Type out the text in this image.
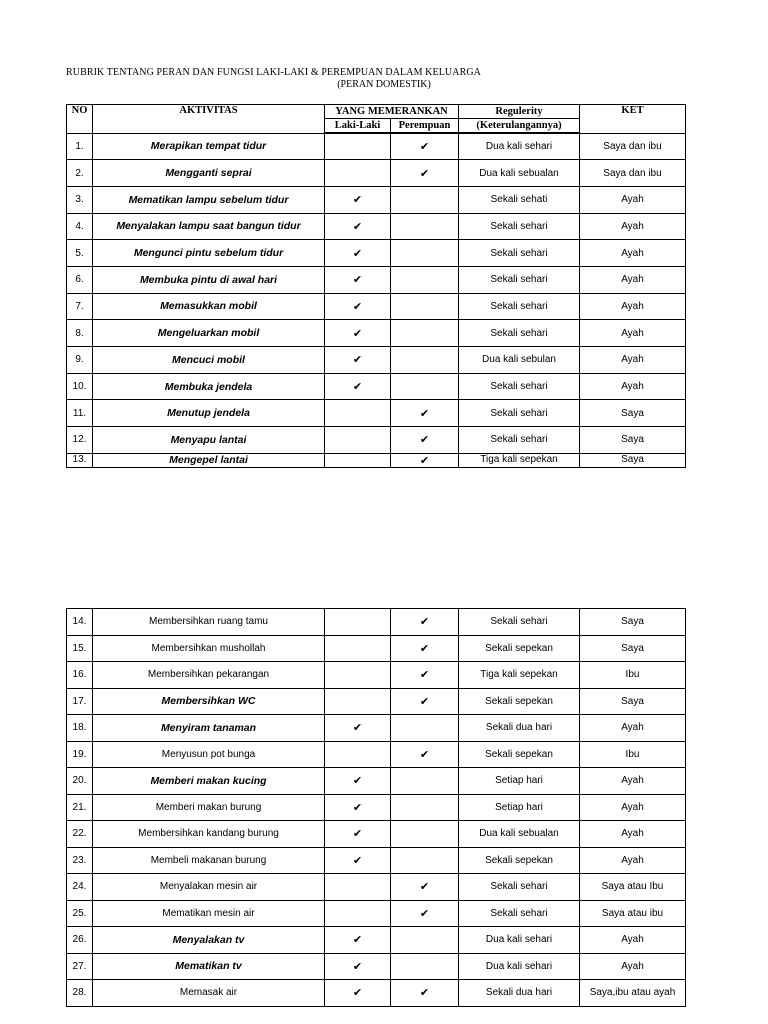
RUBRIK TENTANG PERAN DAN FUNGSI LAKI-LAKI & PEREMPUAN DALAM KELUARGA
(PERAN DOMESTIK)
NO	AKTIVITAS	YANG MEMERANKAN		Regulerity	KET
		Laki-Laki	Perempuan	(Keterulangannya)	
1.	Merapikan tempat tidur		✔	Dua kali sehari	Saya dan ibu
2.	Mengganti seprai		✔	Dua kali sebualan	Saya dan ibu
3.	Mematikan lampu sebelum tidur	✔		Sekali sehati	Ayah
4.	Menyalakan lampu saat bangun tidur	✔		Sekali sehari	Ayah
5.	Mengunci pintu sebelum tidur	✔		Sekali sehari	Ayah
6.	Membuka pintu di awal hari	✔		Sekali sehari	Ayah
7.	Memasukkan mobil	✔		Sekali sehari	Ayah
8.	Mengeluarkan mobil	✔		Sekali sehari	Ayah
9.	Mencuci mobil	✔		Dua kali sebulan	Ayah
10.	Membuka jendela	✔		Sekali sehari	Ayah
11.	Menutup jendela		✔	Sekali sehari	Saya
12.	Menyapu lantai		✔	Sekali sehari	Saya
13.	Mengepel lantai		✔	Tiga kali sepekan	Saya
14.	Membersihkan ruang tamu		✔	Sekali sehari	Saya
15.	Membersihkan mushollah		✔	Sekali sepekan	Saya
16.	Membersihkan pekarangan		✔	Tiga kali sepekan	Ibu
17.	Membersihkan WC		✔	Sekali sepekan	Saya
18.	Menyiram tanaman	✔		Sekali dua hari	Ayah
19.	Menyusun pot bunga		✔	Sekali sepekan	Ibu
20.	Memberi makan kucing	✔		Setiap hari	Ayah
21.	Memberi makan burung	✔		Setiap hari	Ayah
22.	Membersihkan kandang burung	✔		Dua kali sebualan	Ayah
23.	Membeli makanan burung	✔		Sekali sepekan	Ayah
24.	Menyalakan mesin air		✔	Sekali sehari	Saya atau Ibu
25.	Mematikan mesin air		✔	Sekali sehari	Saya atau ibu
26.	Menyalakan tv	✔		Dua kali sehari	Ayah
27.	Mematikan tv	✔		Dua kali sehari	Ayah
28.	Memasak air	✔	✔	Sekali dua hari	Saya,ibu atau ayah
